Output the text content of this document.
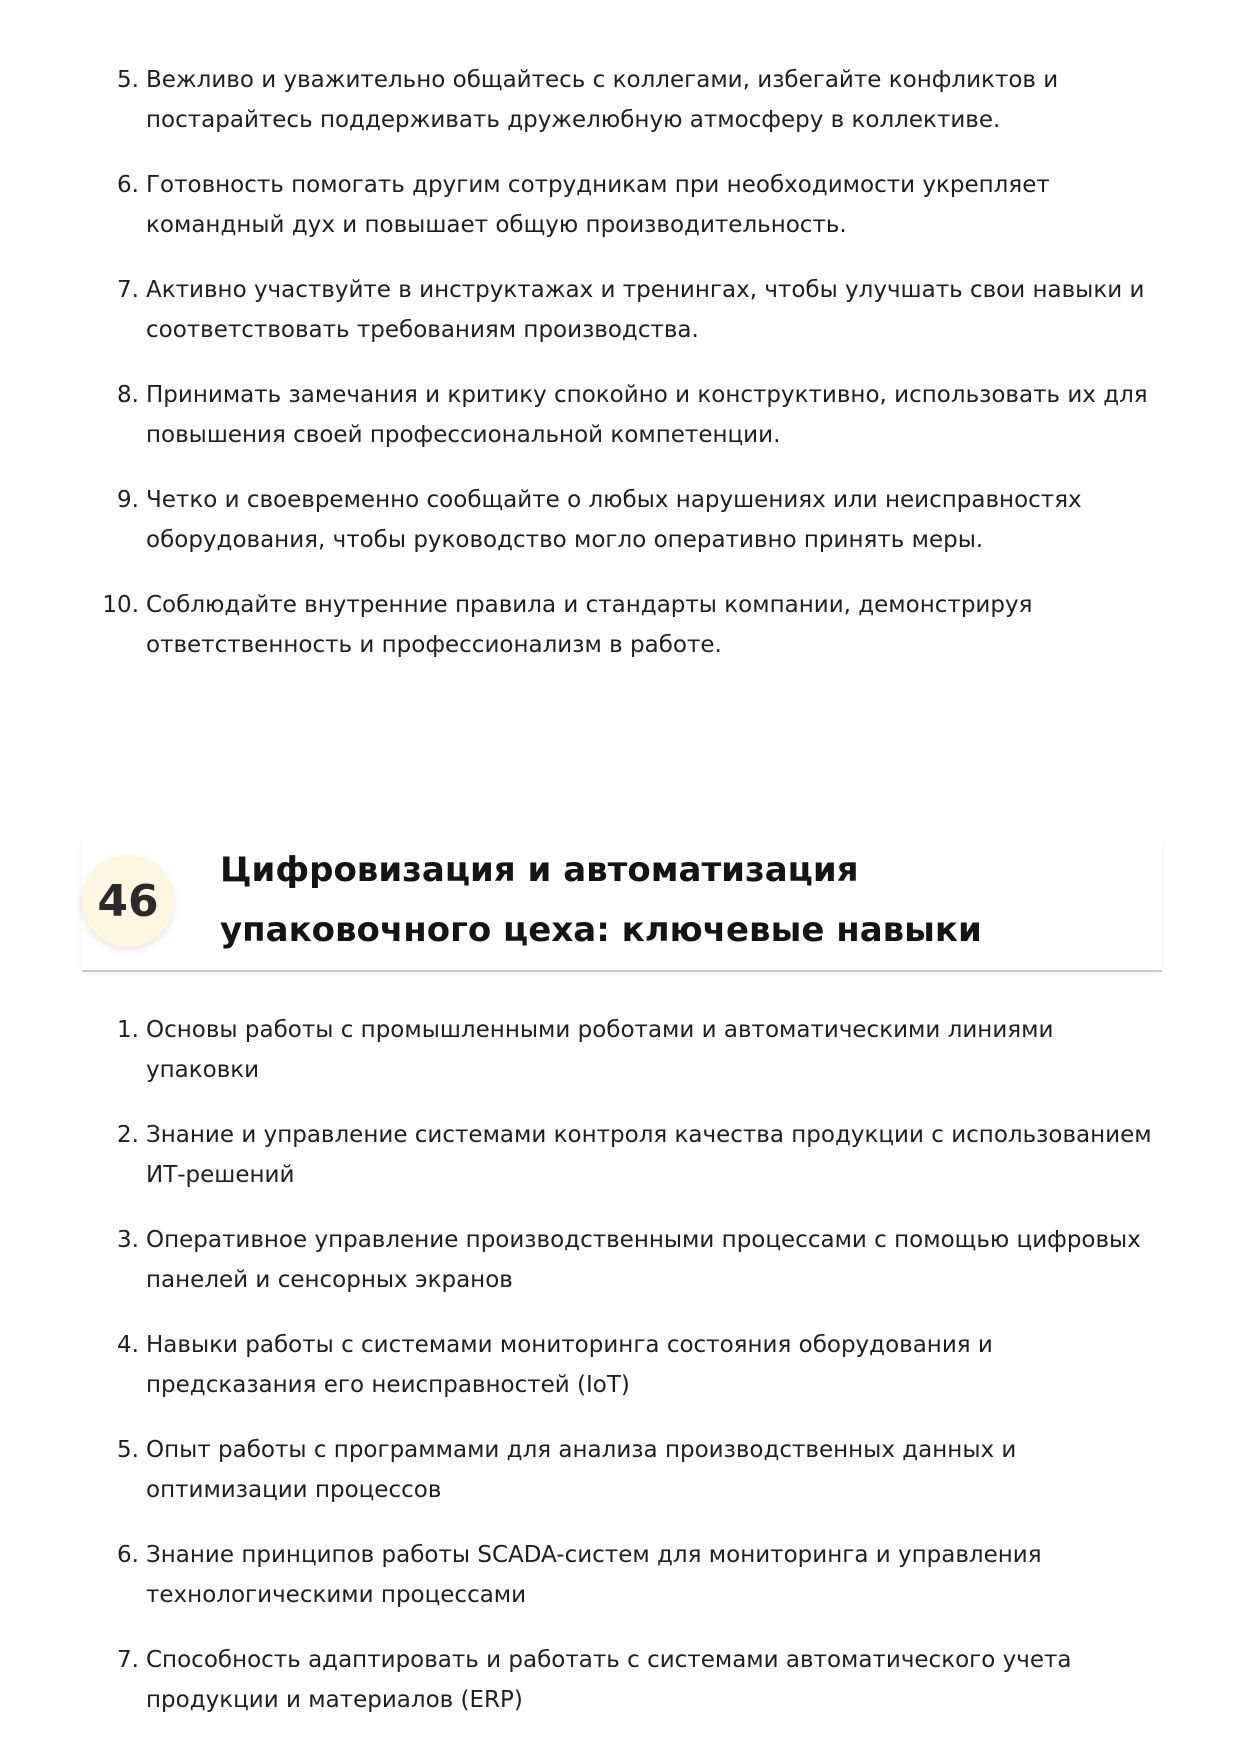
5. Вежливо и уважительно общайтесь с коллегами, избегайте конфликтов и постарайтесь поддерживать дружелюбную атмосферу в коллективе.
6. Готовность помогать другим сотрудникам при необходимости укрепляет командный дух и повышает общую производительность.
7. Активно участвуйте в инструктажах и тренингах, чтобы улучшать свои навыки и соответствовать требованиям производства.
8. Принимать замечания и критику спокойно и конструктивно, использовать их для повышения своей профессиональной компетенции.
9. Четко и своевременно сообщайте о любых нарушениях или неисправностях оборудования, чтобы руководство могло оперативно принять меры.
10. Соблюдайте внутренние правила и стандарты компании, демонстрируя ответственность и профессионализм в работе.
46
Цифровизация и автоматизация упаковочного цеха: ключевые навыки
1. Основы работы с промышленными роботами и автоматическими линиями упаковки
2. Знание и управление системами контроля качества продукции с использованием ИТ-решений
3. Оперативное управление производственными процессами с помощью цифровых панелей и сенсорных экранов
4. Навыки работы с системами мониторинга состояния оборудования и предсказания его неисправностей (IoT)
5. Опыт работы с программами для анализа производственных данных и оптимизации процессов
6. Знание принципов работы SCADA-систем для мониторинга и управления технологическими процессами
7. Способность адаптировать и работать с системами автоматического учета продукции и материалов (ERP)
